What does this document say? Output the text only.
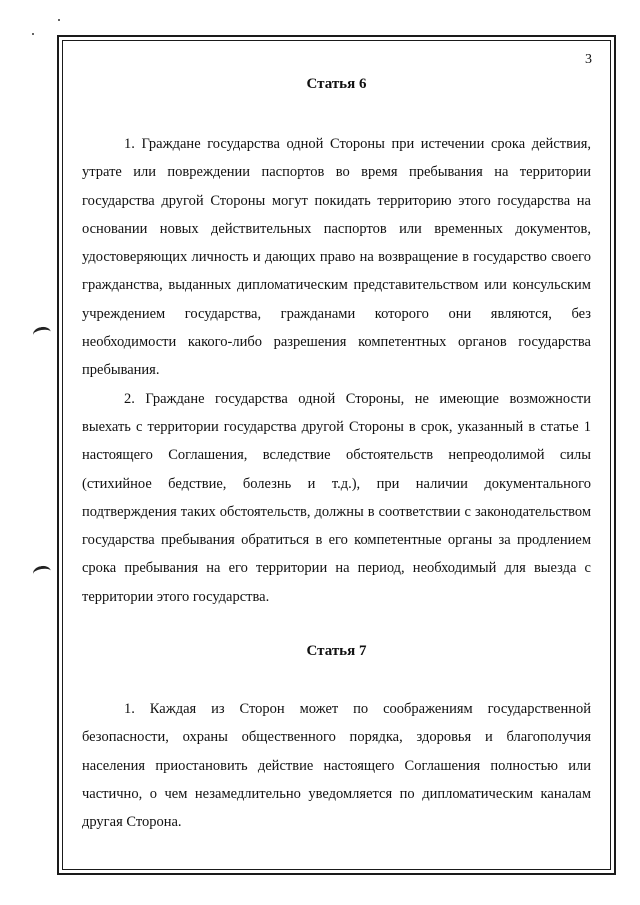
3

Статья 6

1. Граждане государства одной Стороны при истечении срока действия, утрате или повреждении паспортов во время пребывания на территории государства другой Стороны могут покидать территорию этого государства на основании новых действительных паспортов или временных документов, удостоверяющих личность и дающих право на возвращение в государство своего гражданства, выданных дипломатическим представительством или консульским учреждением государства, гражданами которого они являются, без необходимости какого-либо разрешения компетентных органов государства пребывания.

2. Граждане государства одной Стороны, не имеющие возможности выехать с территории государства другой Стороны в срок, указанный в статье 1 настоящего Соглашения, вследствие обстоятельств непреодолимой силы (стихийное бедствие, болезнь и т.д.), при наличии документального подтверждения таких обстоятельств, должны в соответствии с законодательством государства пребывания обратиться в его компетентные органы за продлением срока пребывания на его территории на период, необходимый для выезда с территории этого государства.

Статья 7

1. Каждая из Сторон может по соображениям государственной безопасности, охраны общественного порядка, здоровья и благополучия населения приостановить действие настоящего Соглашения полностью или частично, о чем незамедлительно уведомляется по дипломатическим каналам другая Сторона.
